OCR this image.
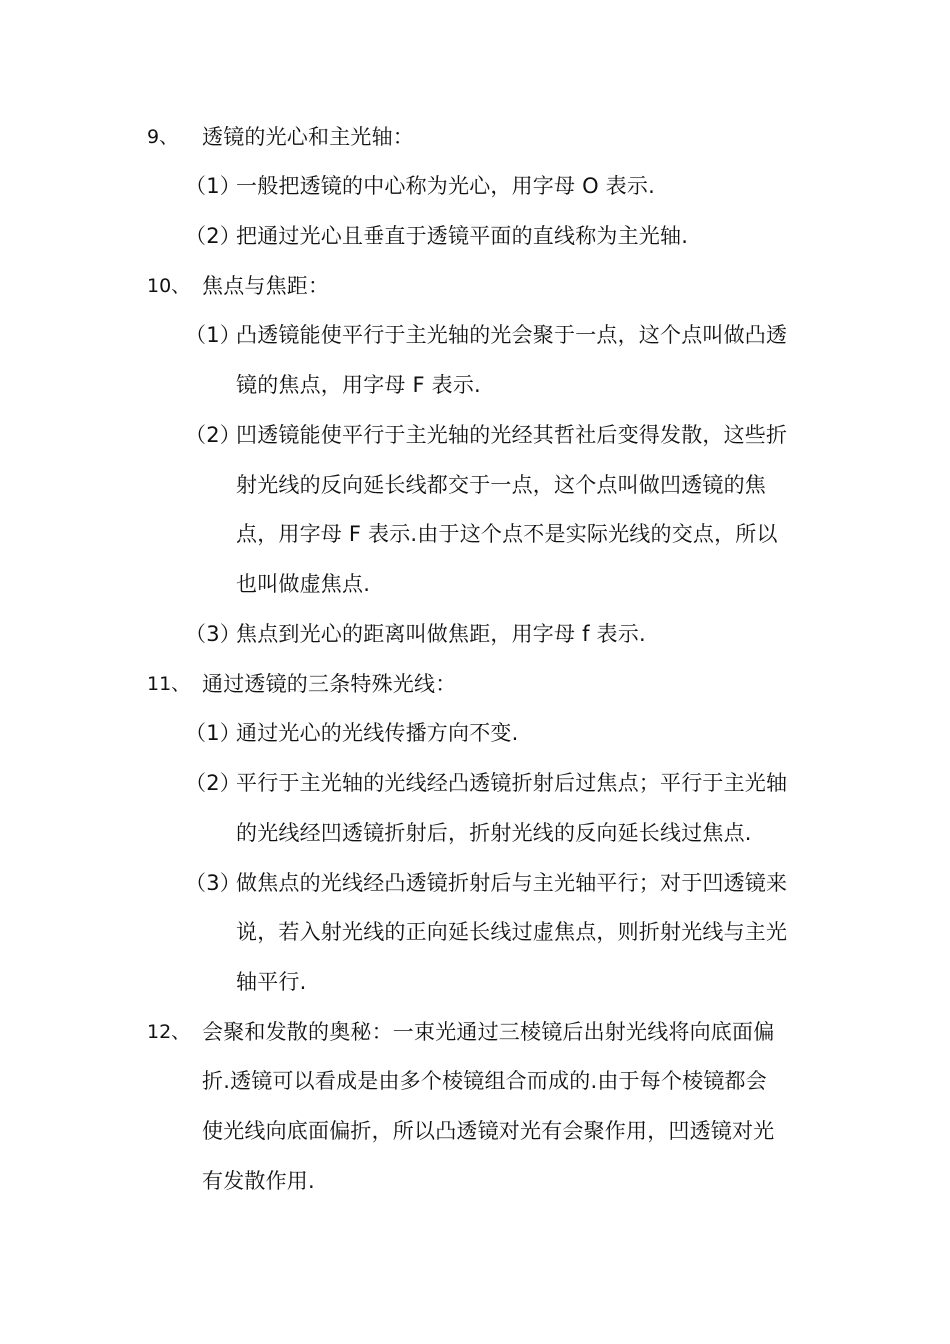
9、 透镜的光心和主光轴：
（1）
一般把透镜的中心称为光心，用字母 O 表示.
（2）
把通过光心且垂直于透镜平面的直线称为主光轴.
10、 焦点与焦距：
（1）
凸透镜能使平行于主光轴的光会聚于一点，这个点叫做凸透
镜的焦点，用字母 F 表示.
（2）
凹透镜能使平行于主光轴的光经其哲社后变得发散，这些折
射光线的反向延长线都交于一点，这个点叫做凹透镜的焦
点，用字母 F 表示.由于这个点不是实际光线的交点，所以
也叫做虚焦点.
（3）
焦点到光心的距离叫做焦距，用字母 f 表示.
11、 通过透镜的三条特殊光线：
（1）
通过光心的光线传播方向不变.
（2）
平行于主光轴的光线经凸透镜折射后过焦点；平行于主光轴
的光线经凹透镜折射后，折射光线的反向延长线过焦点.
（3）
做焦点的光线经凸透镜折射后与主光轴平行；对于凹透镜来
说，若入射光线的正向延长线过虚焦点，则折射光线与主光
轴平行.
12、 会聚和发散的奥秘：一束光通过三棱镜后出射光线将向底面偏
折.透镜可以看成是由多个棱镜组合而成的.由于每个棱镜都会
使光线向底面偏折，所以凸透镜对光有会聚作用，凹透镜对光
有发散作用.
